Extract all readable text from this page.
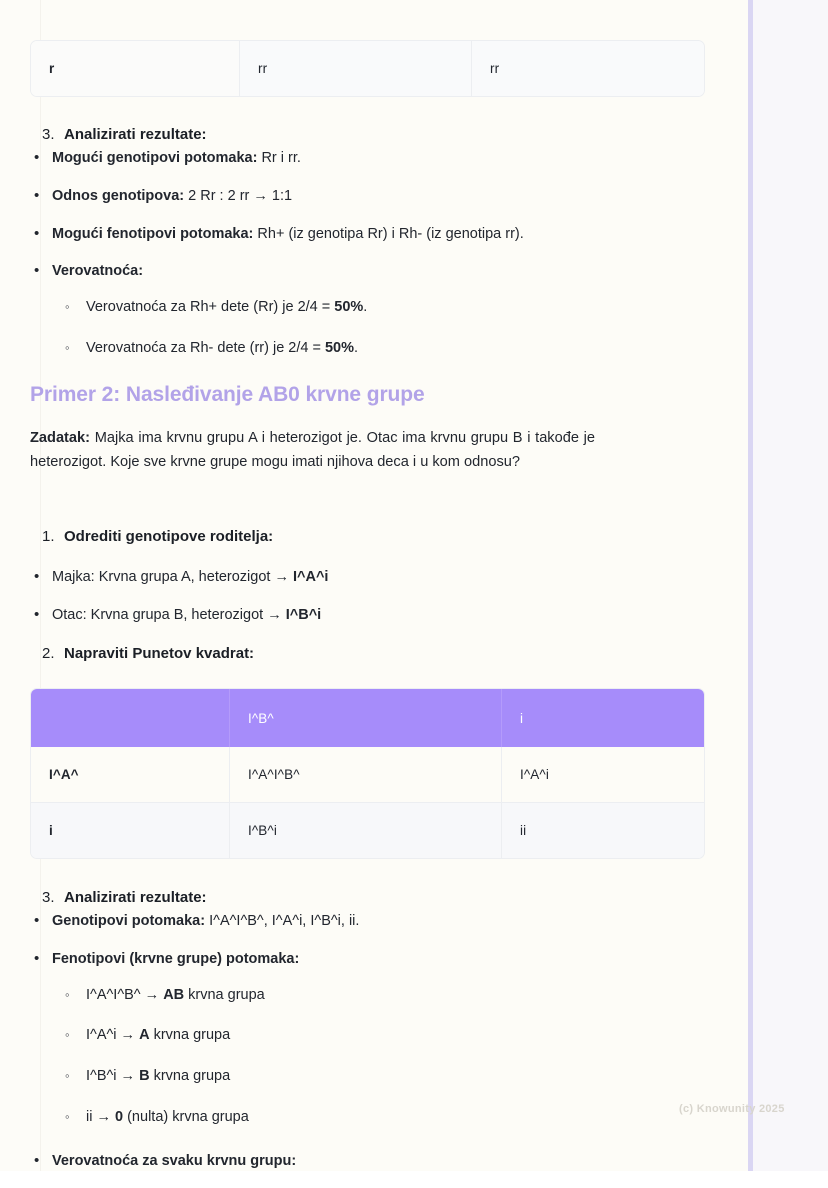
r	rr	rr
3. Analizirati rezultate:
• Mogući genotipovi potomaka: Rr i rr.
• Odnos genotipova: 2 Rr : 2 rr → 1:1
• Mogući fenotipovi potomaka: Rh+ (iz genotipa Rr) i Rh- (iz genotipa rr).
• Verovatnoća:
◦ Verovatnoća za Rh+ dete (Rr) je 2/4 = 50%.
◦ Verovatnoća za Rh- dete (rr) je 2/4 = 50%.
Primer 2: Nasleđivanje AB0 krvne grupe

Zadatak: Majka ima krvnu grupu A i heterozigot je. Otac ima krvnu grupu B i takođe je heterozigot. Koje sve krvne grupe mogu imati njihova deca i u kom odnosu?

1. Odrediti genotipove roditelja:
• Majka: Krvna grupa A, heterozigot → I^A^i
• Otac: Krvna grupa B, heterozigot → I^B^i
2. Napraviti Punetov kvadrat:
	I^B^	i
I^A^	I^A^I^B^	I^A^i
i	I^B^i	ii
3. Analizirati rezultate:
• Genotipovi potomaka: I^A^I^B^, I^A^i, I^B^i, ii.
• Fenotipovi (krvne grupe) potomaka:
◦ I^A^I^B^ → AB krvna grupa
◦ I^A^i → A krvna grupa
◦ I^B^i → B krvna grupa
◦ ii → 0 (nulta) krvna grupa
• Verovatnoća za svaku krvnu grupu:
(c) Knowunity 2025
